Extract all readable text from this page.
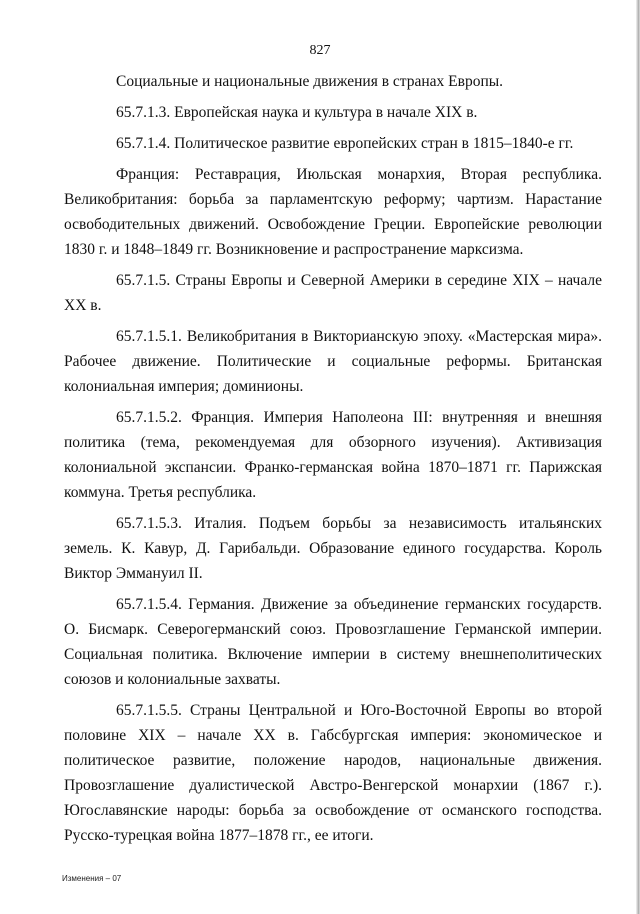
827

Социальные и национальные движения в странах Европы.

65.7.1.3. Европейская наука и культура в начале XIX в.

65.7.1.4. Политическое развитие европейских стран в 1815–1840-е гг.

Франция: Реставрация, Июльская монархия, Вторая республика. Великобритания: борьба за парламентскую реформу; чартизм. Нарастание освободительных движений. Освобождение Греции. Европейские революции 1830 г. и 1848–1849 гг. Возникновение и распространение марксизма.

65.7.1.5. Страны Европы и Северной Америки в середине XIX – начале XX в.

65.7.1.5.1. Великобритания в Викторианскую эпоху. «Мастерская мира». Рабочее движение. Политические и социальные реформы. Британская колониальная империя; доминионы.

65.7.1.5.2. Франция. Империя Наполеона III: внутренняя и внешняя политика (тема, рекомендуемая для обзорного изучения). Активизация колониальной экспансии. Франко-германская война 1870–1871 гг. Парижская коммуна. Третья республика.

65.7.1.5.3. Италия. Подъем борьбы за независимость итальянских земель. К. Кавур, Д. Гарибальди. Образование единого государства. Король Виктор Эммануил II.

65.7.1.5.4. Германия. Движение за объединение германских государств. О. Бисмарк. Северогерманский союз. Провозглашение Германской империи. Социальная политика. Включение империи в систему внешнеполитических союзов и колониальные захваты.

65.7.1.5.5. Страны Центральной и Юго-Восточной Европы во второй половине XIX – начале XX в. Габсбургская империя: экономическое и политическое развитие, положение народов, национальные движения. Провозглашение дуалистической Австро-Венгерской монархии (1867 г.). Югославянские народы: борьба за освобождение от османского господства. Русско-турецкая война 1877–1878 гг., ее итоги.

Изменения – 07
